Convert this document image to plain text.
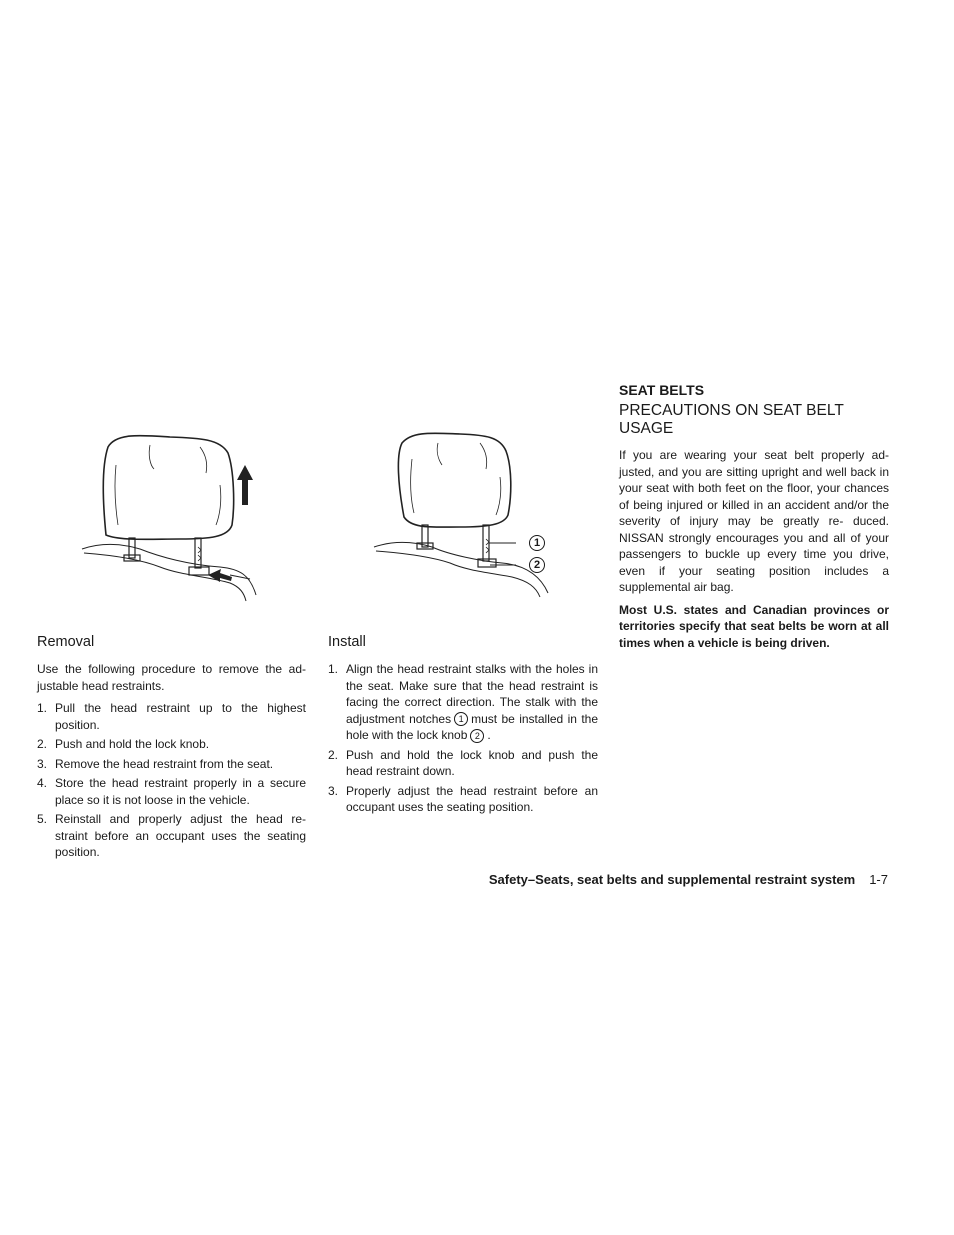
1
2
Removal

Use the following procedure to remove the ad- justable head restraints.

1. Pull the head restraint up to the highest position.
2. Push and hold the lock knob.
3. Remove the head restraint from the seat.
4. Store the head restraint properly in a secure place so it is not loose in the vehicle.
5. Reinstall and properly adjust the head re- straint before an occupant uses the seating position.
Install
1. Align the head restraint stalks with the holes in the seat. Make sure that the head restraint is facing the correct direction. The stalk with the adjustment notches 1 must be installed in the hole with the lock knob 2 .
2. Push and hold the lock knob and push the head restraint down.
3. Properly adjust the head restraint before an occupant uses the seating position.
SEAT BELTS
PRECAUTIONS ON SEAT BELT USAGE

If you are wearing your seat belt properly ad- justed, and you are sitting upright and well back in your seat with both feet on the floor, your chances of being injured or killed in an accident and/or the severity of injury may be greatly re- duced. NISSAN strongly encourages you and all of your passengers to buckle up every time you drive, even if your seating position includes a supplemental air bag.

Most U.S. states and Canadian provinces or territories specify that seat belts be worn at all times when a vehicle is being driven.

Safety–Seats, seat belts and supplemental restraint system 1-7
